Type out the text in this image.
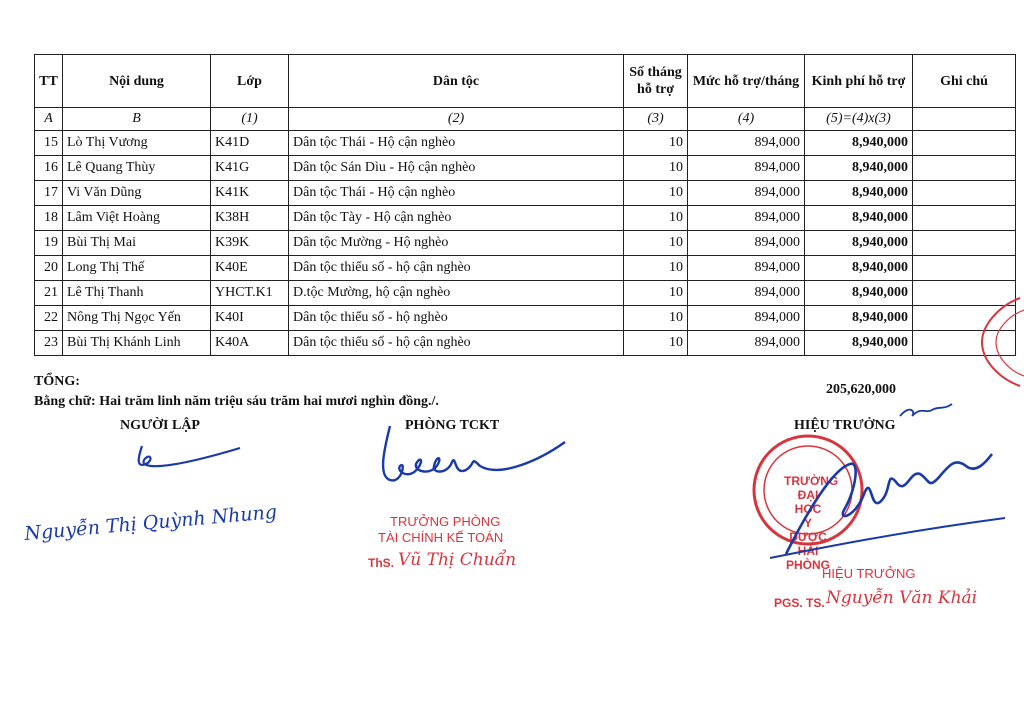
TT	Nội dung	Lớp	Dân tộc	Số tháng
hỗ trợ	Mức hỗ trợ/tháng	Kinh phí hỗ trợ	Ghi chú
A	B	(1)	(2)	(3)	(4)	(5)=(4)x(3)	
15	Lò Thị Vương	K41D	Dân tộc Thái - Hộ cận nghèo	10	894,000	8,940,000	
16	Lê Quang Thùy	K41G	Dân tộc Sán Dìu - Hộ cận nghèo	10	894,000	8,940,000	
17	Vi Văn Dũng	K41K	Dân tộc Thái - Hộ cận nghèo	10	894,000	8,940,000	
18	Lâm Việt Hoàng	K38H	Dân tộc Tày - Hộ cận nghèo	10	894,000	8,940,000	
19	Bùi Thị Mai	K39K	Dân tộc Mường - Hộ nghèo	10	894,000	8,940,000	
20	Long Thị Thế	K40E	Dân tộc thiểu số - hộ cận nghèo	10	894,000	8,940,000	
21	Lê Thị Thanh	YHCT.K1	D.tộc Mường, hộ cận nghèo	10	894,000	8,940,000	
22	Nông Thị Ngọc Yến	K40I	Dân tộc thiểu số - hộ nghèo	10	894,000	8,940,000	
23	Bùi Thị Khánh Linh	K40A	Dân tộc thiểu số - hộ cận nghèo	10	894,000	8,940,000	
TỔNG:
205,620,000
Bằng chữ: Hai trăm linh năm triệu sáu trăm hai mươi nghìn đồng./.
NGƯỜI LẬP
Nguyễn Thị Quỳnh Nhung
PHÒNG TCKT
TRƯỞNG PHÒNG
TÀI CHÍNH KẾ TOÁN
ThS. Vũ Thị Chuẩn
HIỆU TRƯỞNG
TRƯỜNG
ĐẠI HỌC
Y DƯỢC
HẢI PHÒNG
HIỆU TRƯỞNG
PGS. TS. Nguyễn Văn Khải
